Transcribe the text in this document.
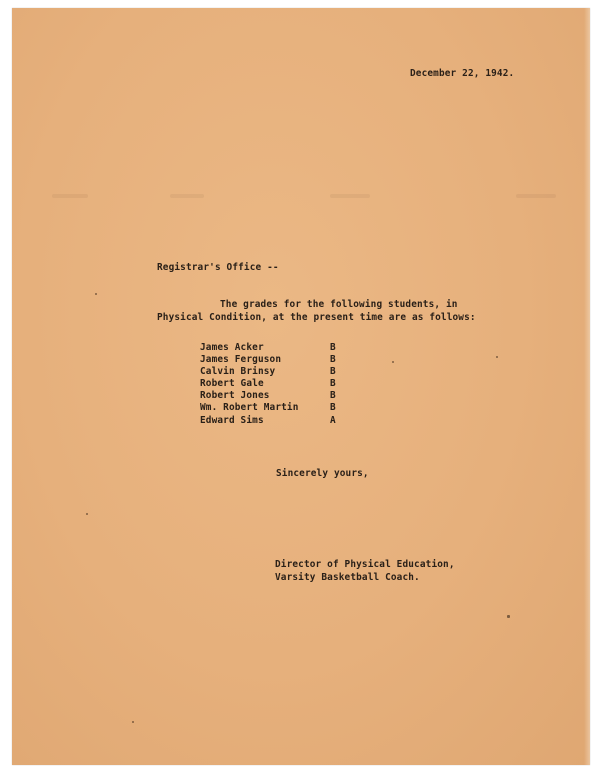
December 22, 1942.

Registrar's Office --

The grades for the following students, in

Physical Condition, at the present time are as follows:

James Acker	B
James Ferguson	B
Calvin Brinsy	B
Robert Gale	B
Robert Jones	B
Wm. Robert Martin	B
Edward Sims	A

Sincerely yours,

Director of Physical Education,

Varsity Basketball Coach.
